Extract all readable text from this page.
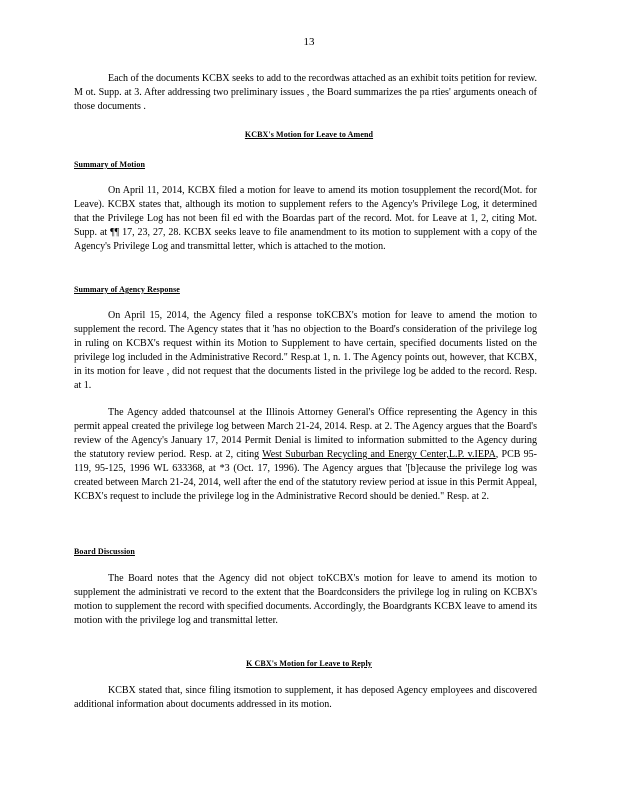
13

Each of the documents KCBX seeks to add to the recordwas attached as an exhibit toits petition for review. M ot. Supp. at 3. After addressing two preliminary issues , the Board summarizes the pa rties' arguments oneach of those documents .

KCBX's Motion for Leave to Amend
Summary of Motion

On April 11, 2014, KCBX filed a motion for leave to amend its motion tosupplement the record(Mot. for Leave). KCBX states that, although its motion to supplement refers to the Agency's Privilege Log, it determined that the Privilege Log has not been fil ed with the Boardas part of the record. Mot. for Leave at 1, 2, citing Mot. Supp. at ¶¶ 17, 23, 27, 28. KCBX seeks leave to file anamendment to its motion to supplement with a copy of the Agency's Privilege Log and transmittal letter, which is attached to the motion.

Summary of Agency Response

On April 15, 2014, the Agency filed a response toKCBX's motion for leave to amend the motion to supplement the record. The Agency states that it 'has no objection to the Board's consideration of the privilege log in ruling on KCBX's request within its Motion to Supplement to have certain, specified documents listed on the privilege log included in the Administrative Record." Resp.at 1, n. 1. The Agency points out, however, that KCBX, in its motion for leave , did not request that the documents listed in the privilege log be added to the record. Resp. at 1.

The Agency added thatcounsel at the Illinois Attorney General's Office representing the Agency in this permit appeal created the privilege log between March 21-24, 2014. Resp. at 2. The Agency argues that the Board's review of the Agency's January 17, 2014 Permit Denial is limited to information submitted to the Agency during the statutory review period. Resp. at 2, citing West Suburban Recycling and Energy Center,L.P. v.IEPA, PCB 95-119, 95-125, 1996 WL 633368, at *3 (Oct. 17, 1996). The Agency argues that '[b]ecause the privilege log was created between March 21-24, 2014, well after the end of the statutory review period at issue in this Permit Appeal, KCBX's request to include the privilege log in the Administrative Record should be denied." Resp. at 2.

Board Discussion

The Board notes that the Agency did not object toKCBX's motion for leave to amend its motion to supplement the administrati ve record to the extent that the Boardconsiders the privilege log in ruling on KCBX's motion to supplement the record with specified documents. Accordingly, the Boardgrants KCBX leave to amend its motion with the privilege log and transmittal letter.

K CBX's Motion for Leave to Reply

KCBX stated that, since filing itsmotion to supplement, it has deposed Agency employees and discovered additional information about documents addressed in its motion.
